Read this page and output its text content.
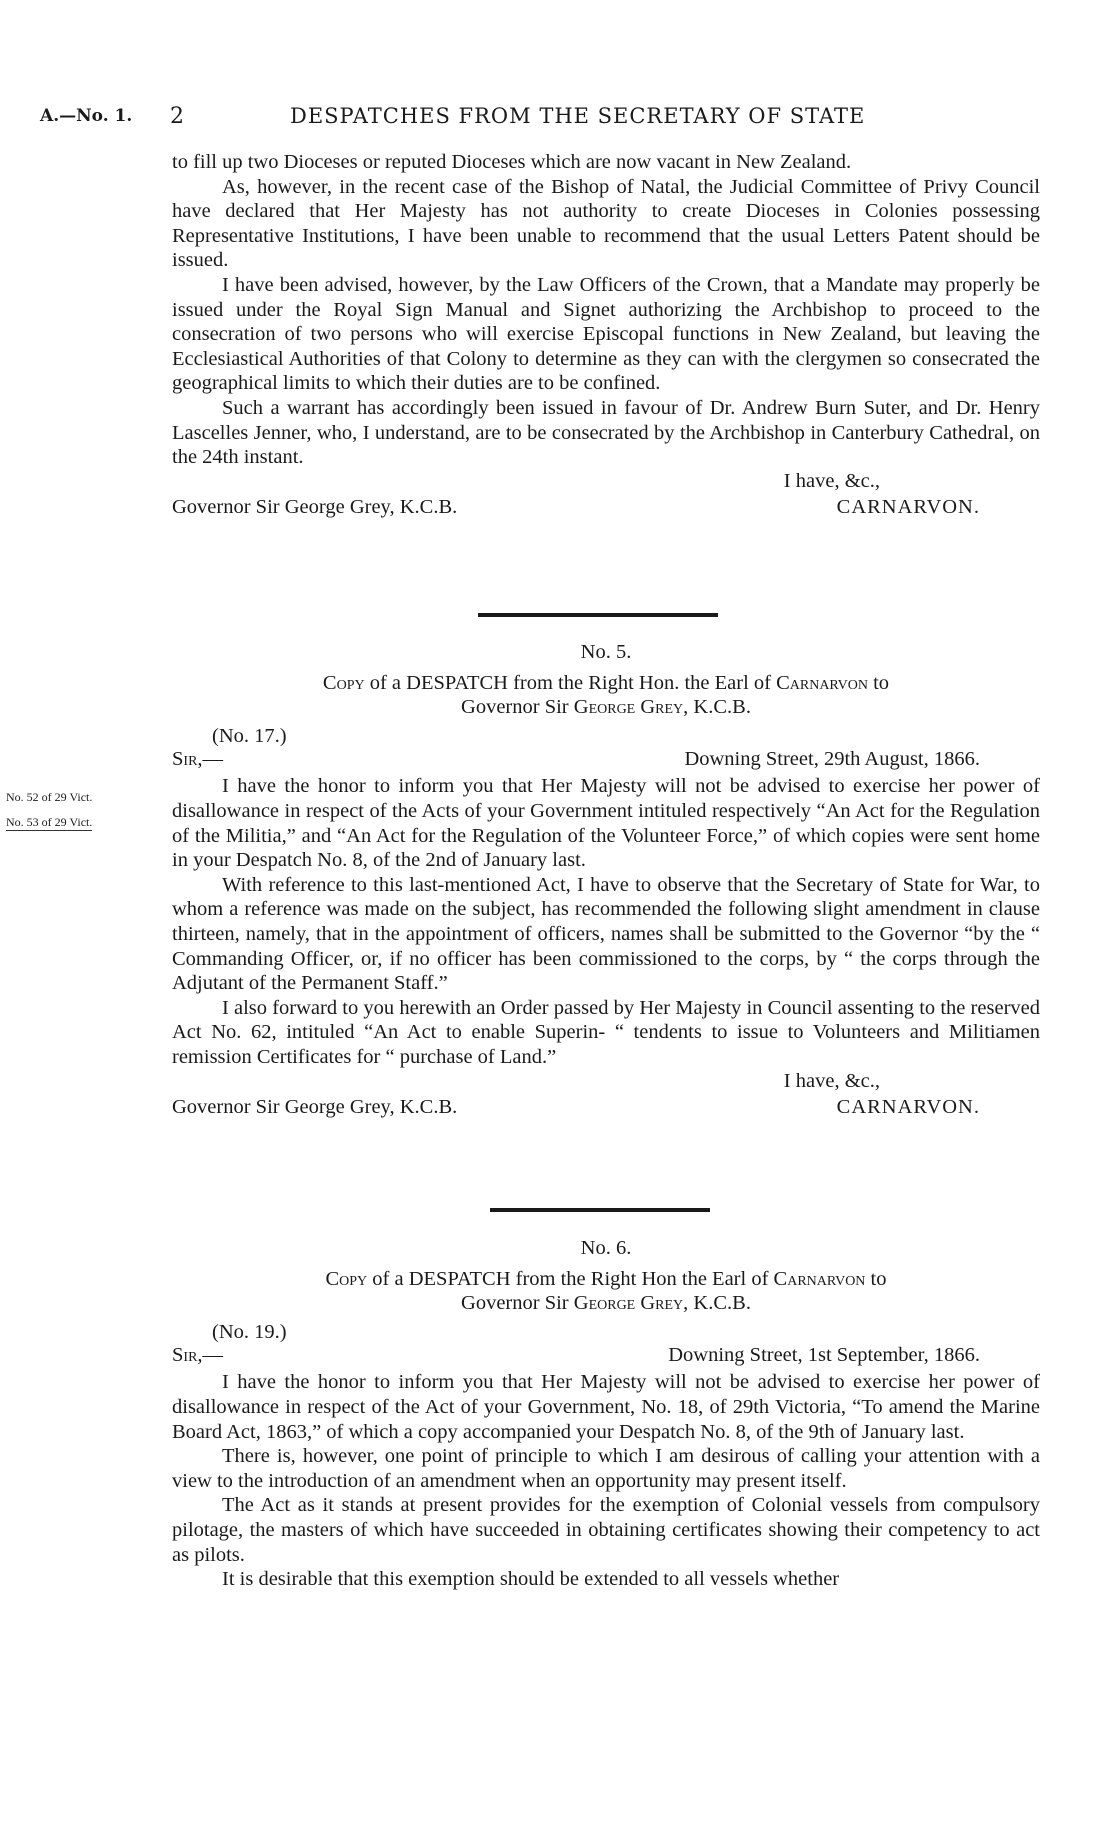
A.—No. 1. 2	DESPATCHES FROM THE SECRETARY OF STATE

to fill up two Dioceses or reputed Dioceses which are now vacant in New Zealand.

As, however, in the recent case of the Bishop of Natal, the Judicial Committee of Privy Council have declared that Her Majesty has not authority to create Dioceses in Colonies possessing Representative Institutions, I have been unable to recommend that the usual Letters Patent should be issued.

I have been advised, however, by the Law Officers of the Crown, that a Mandate may properly be issued under the Royal Sign Manual and Signet authorizing the Archbishop to proceed to the consecration of two persons who will exercise Episcopal functions in New Zealand, but leaving the Ecclesiastical Authorities of that Colony to determine as they can with the clergymen so consecrated the geographical limits to which their duties are to be confined.

Such a warrant has accordingly been issued in favour of Dr. Andrew Burn Suter, and Dr. Henry Lascelles Jenner, who, I understand, are to be consecrated by the Archbishop in Canterbury Cathedral, on the 24th instant.

I have, &c.,
Governor Sir George Grey, K.C.B.	CARNARVON.
No. 5.
Copy of a DESPATCH from the Right Hon. the Earl of Carnarvon to
Governor Sir George Grey, K.C.B.
(No. 17.)
Sir,—	Downing Street, 29th August, 1866.

I have the honor to inform you that Her Majesty will not be advised to exercise her power of disallowance in respect of the Acts of your Government intituled respectively “An Act for the Regulation of the Militia,” and “An Act for the Regulation of the Volunteer Force,” of which copies were sent home in your Despatch No. 8, of the 2nd of January last.

With reference to this last-mentioned Act, I have to observe that the Secretary of State for War, to whom a reference was made on the subject, has recommended the following slight amendment in clause thirteen, namely, that in the appointment of officers, names shall be submitted to the Governor “by the “ Commanding Officer, or, if no officer has been commissioned to the corps, by “ the corps through the Adjutant of the Permanent Staff.”

I also forward to you herewith an Order passed by Her Majesty in Council assenting to the reserved Act No. 62, intituled “An Act to enable Superin- “ tendents to issue to Volunteers and Militiamen remission Certificates for “ purchase of Land.”

I have, &c.,
Governor Sir George Grey, K.C.B.	CARNARVON.
No. 52 of 29 Vict.
No. 53 of 29 Vict.
No. 6.
Copy of a DESPATCH from the Right Hon the Earl of Carnarvon to
Governor Sir George Grey, K.C.B.
(No. 19.)
Sir,—	Downing Street, 1st September, 1866.

I have the honor to inform you that Her Majesty will not be advised to exercise her power of disallowance in respect of the Act of your Government, No. 18, of 29th Victoria, “To amend the Marine Board Act, 1863,” of which a copy accompanied your Despatch No. 8, of the 9th of January last.

There is, however, one point of principle to which I am desirous of calling your attention with a view to the introduction of an amendment when an opportunity may present itself.

The Act as it stands at present provides for the exemption of Colonial vessels from compulsory pilotage, the masters of which have succeeded in obtaining certificates showing their competency to act as pilots.

It is desirable that this exemption should be extended to all vessels whether
